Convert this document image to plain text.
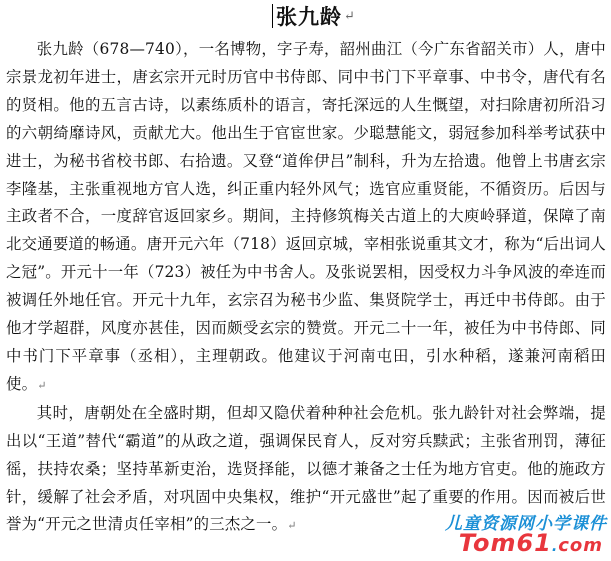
张九龄 ↵

张九龄（678—740），一名博物，字子寿，韶州曲江（今广东省韶关市）人，唐中宗景龙初年进士，唐玄宗开元时历官中书侍郎、同中书门下平章事、中书令，唐代有名的贤相。他的五言古诗，以素练质朴的语言，寄托深远的人生慨望，对扫除唐初所沿习的六朝绮靡诗风，贡献尤大。他出生于官宦世家。少聪慧能文，弱冠参加科举考试获中进士，为秘书省校书郎、右拾遗。又登“道侔伊吕”制科，升为左拾遗。他曾上书唐玄宗李隆基，主张重视地方官人选，纠正重内轻外风气；选官应重贤能，不循资历。后因与主政者不合，一度辞官返回家乡。期间，主持修筑梅关古道上的大庾岭驿道，保障了南北交通要道的畅通。唐开元六年（718）返回京城，宰相张说重其文才，称为“后出词人之冠”。开元十一年（723）被任为中书舍人。及张说罢相，因受权力斗争风波的牵连而被调任外地任官。开元十九年，玄宗召为秘书少监、集贤院学士，再迁中书侍郎。由于他才学超群，风度亦甚佳，因而颇受玄宗的赞赏。开元二十一年，被任为中书侍郎、同中书门下平章事（丞相），主理朝政。他建议于河南屯田，引水种稻，遂兼河南稻田使。↵

其时，唐朝处在全盛时期，但却又隐伏着种种社会危机。张九龄针对社会弊端，提出以“王道”替代“霸道”的从政之道，强调保民育人，反对穷兵黩武；主张省刑罚，薄征徭，扶持农桑；坚持革新吏治，选贤择能，以德才兼备之士任为地方官吏。他的施政方针，缓解了社会矛盾，对巩固中央集权，维护“开元盛世”起了重要的作用。因而被后世誉为“开元之世清贞任宰相”的三杰之一。↵	儿童资源网小学课件
Tom61.com
